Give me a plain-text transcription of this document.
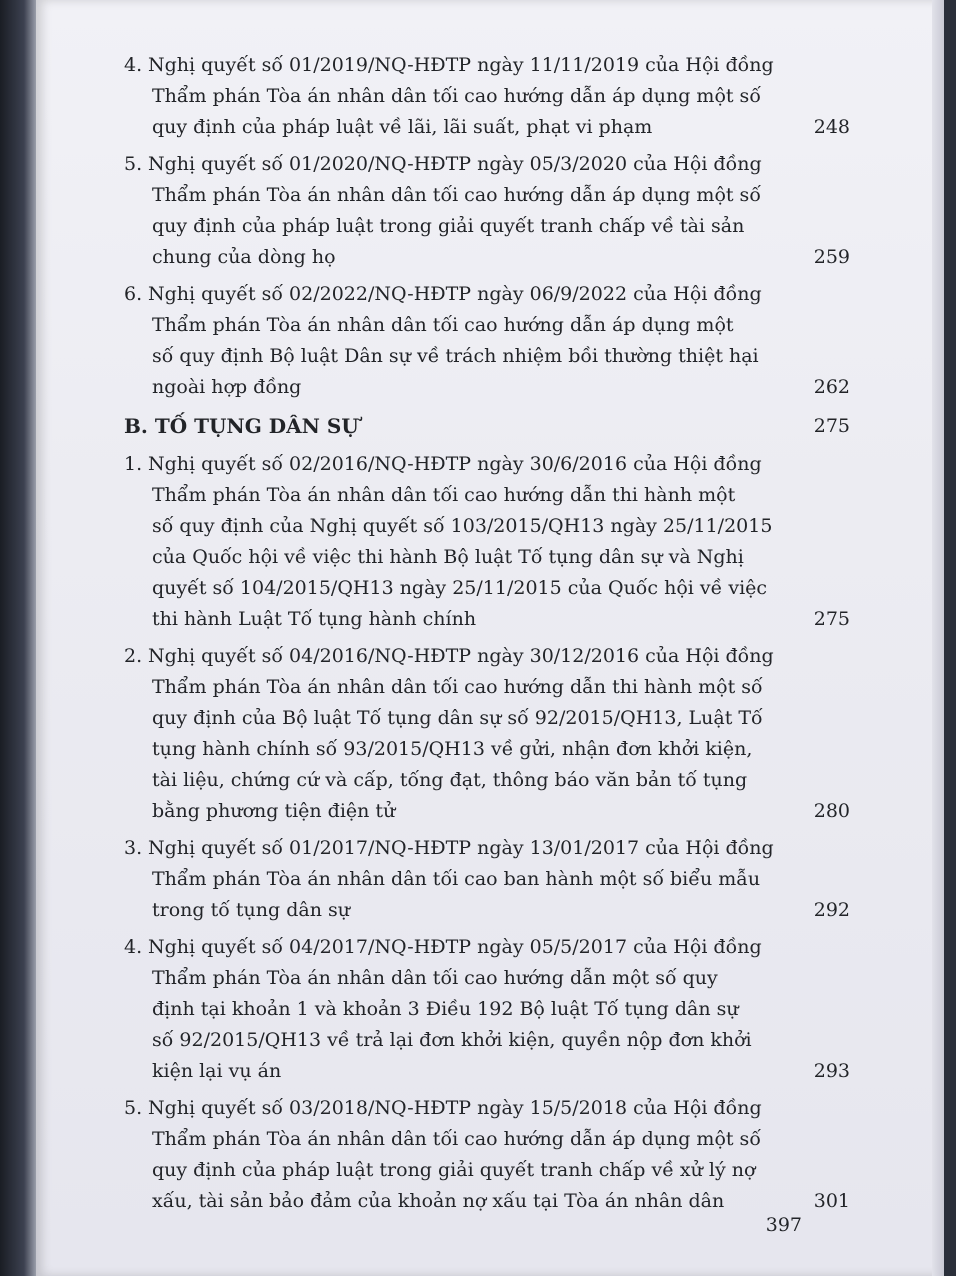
4. Nghị quyết số 01/2019/NQ-HĐTP ngày 11/11/2019 của Hội đồng
Thẩm phán Tòa án nhân dân tối cao hướng dẫn áp dụng một số
quy định của pháp luật về lãi, lãi suất, phạt vi phạm	248
5. Nghị quyết số 01/2020/NQ-HĐTP ngày 05/3/2020 của Hội đồng
Thẩm phán Tòa án nhân dân tối cao hướng dẫn áp dụng một số
quy định của pháp luật trong giải quyết tranh chấp về tài sản
chung của dòng họ	259
6. Nghị quyết số 02/2022/NQ-HĐTP ngày 06/9/2022 của Hội đồng
Thẩm phán Tòa án nhân dân tối cao hướng dẫn áp dụng một
số quy định Bộ luật Dân sự về trách nhiệm bồi thường thiệt hại
ngoài hợp đồng	262
B. TỐ TỤNG DÂN SỰ	275
1. Nghị quyết số 02/2016/NQ-HĐTP ngày 30/6/2016 của Hội đồng
Thẩm phán Tòa án nhân dân tối cao hướng dẫn thi hành một
số quy định của Nghị quyết số 103/2015/QH13 ngày 25/11/2015
của Quốc hội về việc thi hành Bộ luật Tố tụng dân sự và Nghị
quyết số 104/2015/QH13 ngày 25/11/2015 của Quốc hội về việc
thi hành Luật Tố tụng hành chính	275
2. Nghị quyết số 04/2016/NQ-HĐTP ngày 30/12/2016 của Hội đồng
Thẩm phán Tòa án nhân dân tối cao hướng dẫn thi hành một số
quy định của Bộ luật Tố tụng dân sự số 92/2015/QH13, Luật Tố
tụng hành chính số 93/2015/QH13 về gửi, nhận đơn khởi kiện,
tài liệu, chứng cứ và cấp, tống đạt, thông báo văn bản tố tụng
bằng phương tiện điện tử	280
3. Nghị quyết số 01/2017/NQ-HĐTP ngày 13/01/2017 của Hội đồng
Thẩm phán Tòa án nhân dân tối cao ban hành một số biểu mẫu
trong tố tụng dân sự	292
4. Nghị quyết số 04/2017/NQ-HĐTP ngày 05/5/2017 của Hội đồng
Thẩm phán Tòa án nhân dân tối cao hướng dẫn một số quy
định tại khoản 1 và khoản 3 Điều 192 Bộ luật Tố tụng dân sự
số 92/2015/QH13 về trả lại đơn khởi kiện, quyền nộp đơn khởi
kiện lại vụ án	293
5. Nghị quyết số 03/2018/NQ-HĐTP ngày 15/5/2018 của Hội đồng
Thẩm phán Tòa án nhân dân tối cao hướng dẫn áp dụng một số
quy định của pháp luật trong giải quyết tranh chấp về xử lý nợ
xấu, tài sản bảo đảm của khoản nợ xấu tại Tòa án nhân dân	301
397
